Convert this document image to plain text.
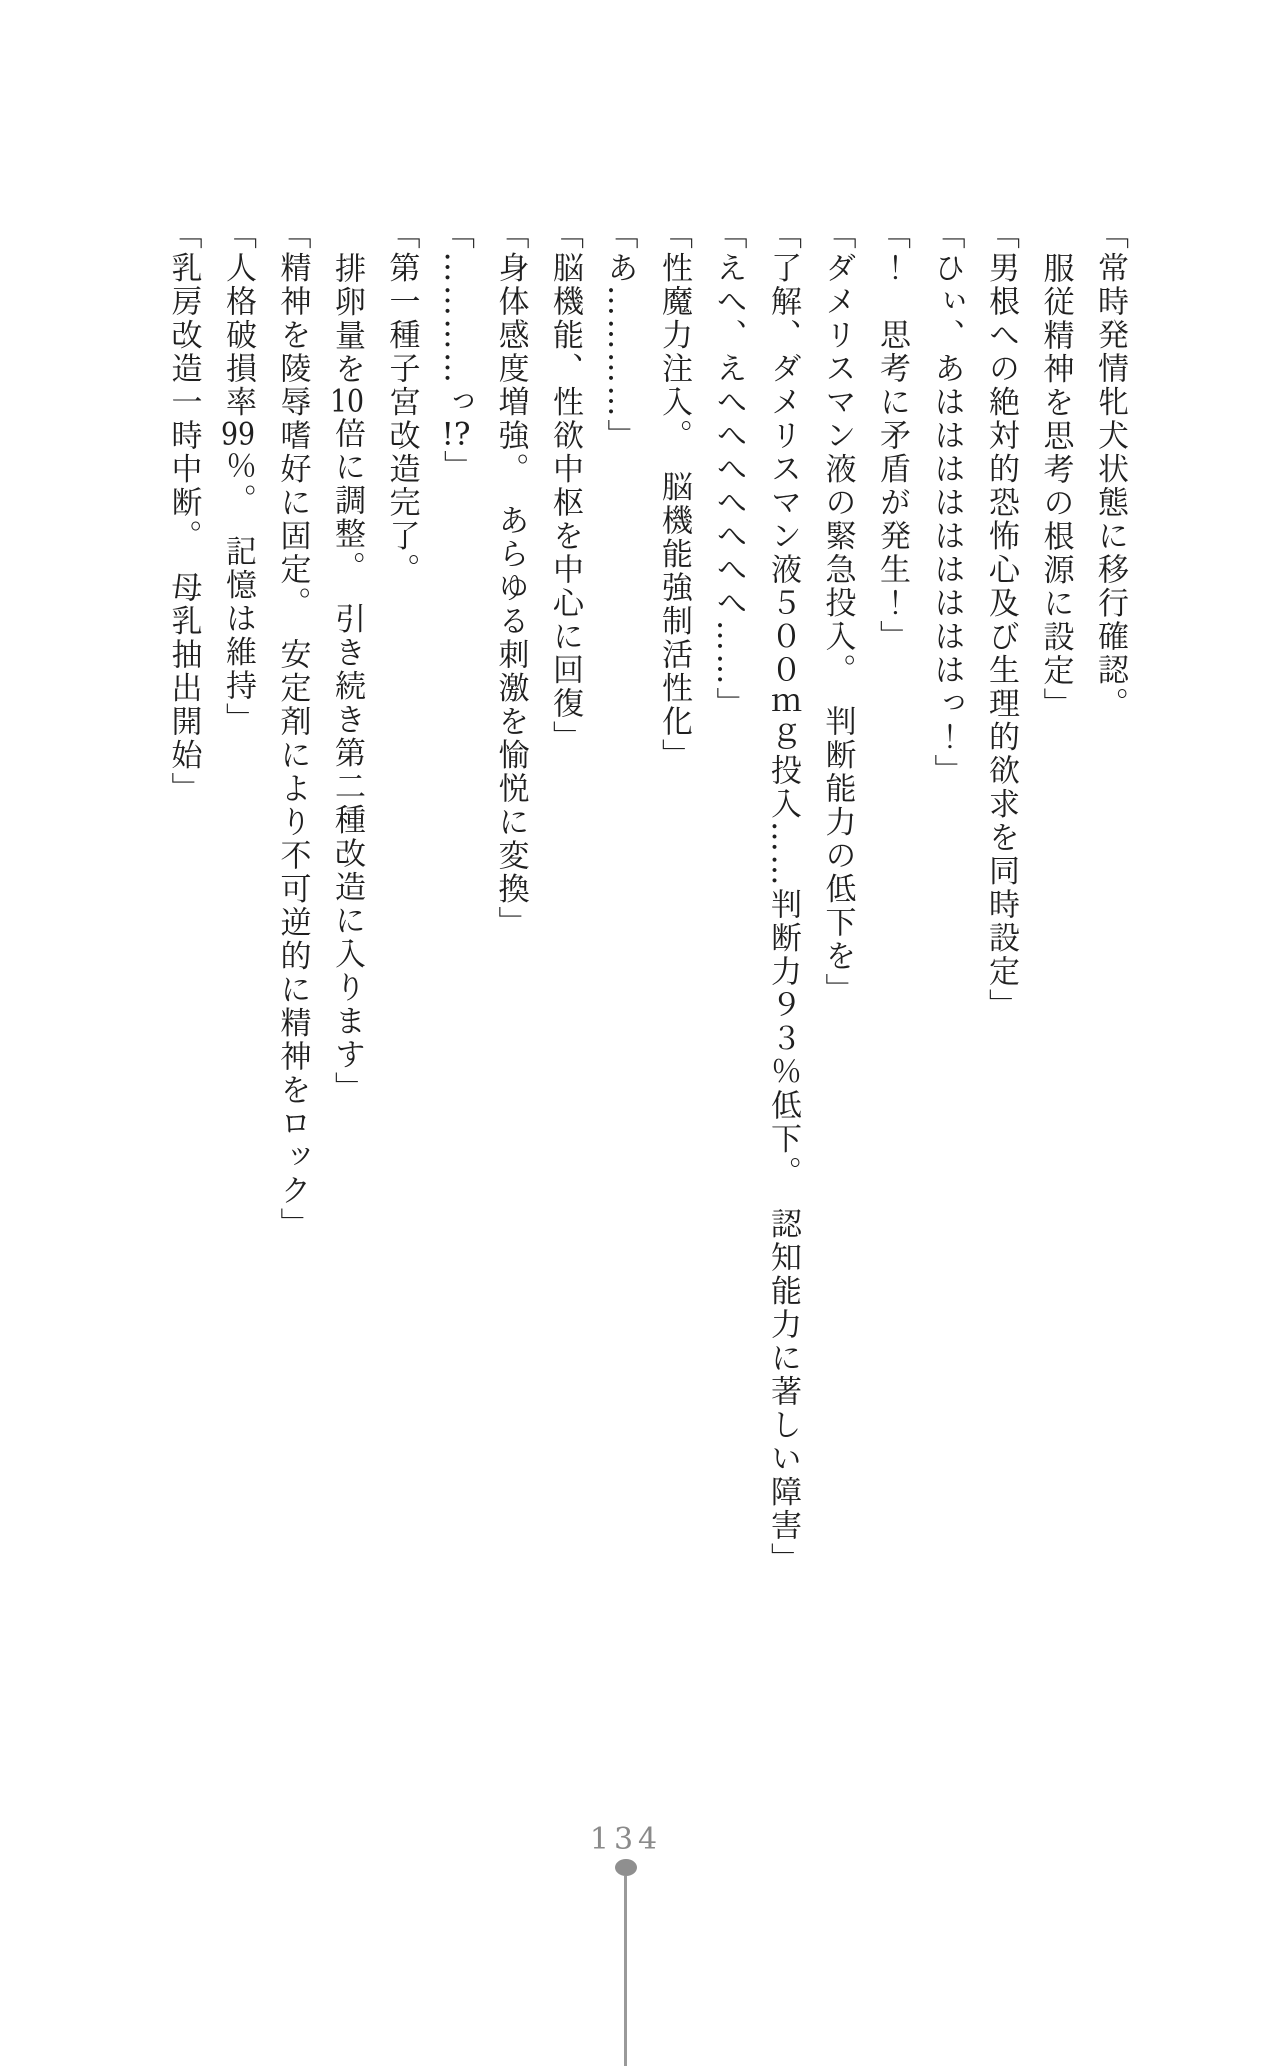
「常時発情牝犬状態に移行確認。

服従精神を思考の根源に設定」

「男根への絶対的恐怖心及び生理的欲求を同時設定」

「ひぃ、あはははははははははっ！」

「！　思考に矛盾が発生！」

「ダメリスマン液の緊急投入。　判断能力の低下を」

「了解、ダメリスマン液５００ｍｇ投入……判断力９３％低下。　認知能力に著しい障害」

「えへ、えへへへへへへへ……」

「性魔力注入。　脳機能強制活性化」

「あ…………」

「脳機能、性欲中枢を中心に回復」

「身体感度増強。　あらゆる刺激を愉悦に変換」

「…………っ!?」

「第一種子宮改造完了。

排卵量を10倍に調整。　引き続き第二種改造に入ります」

「精神を陵辱嗜好に固定。　安定剤により不可逆的に精神をロック」

「人格破損率99％。　記憶は維持」

「乳房改造一時中断。　母乳抽出開始」

134
